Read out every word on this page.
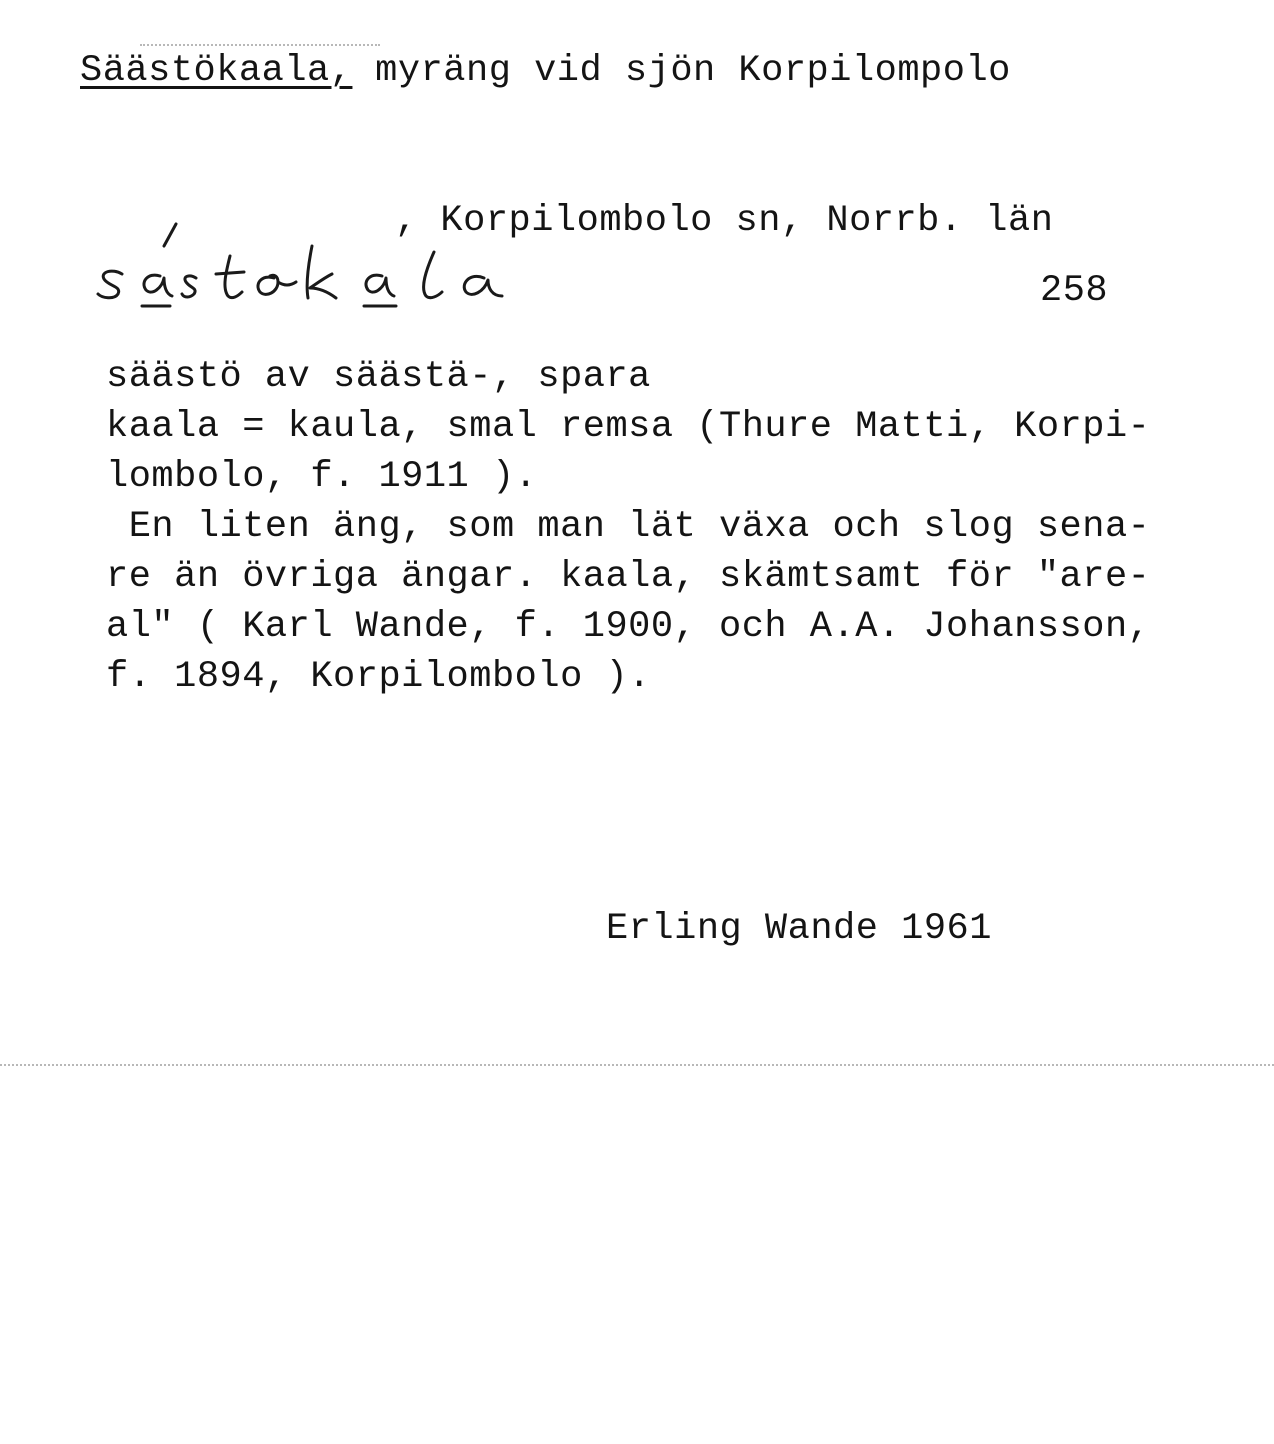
Säästökaala, myräng vid sjön Korpilompolo
, Korpilombolo sn, Norrb. län
258
säästö av säästä-, spara
kaala = kaula, smal remsa (Thure Matti, Korpi-
lombolo, f. 1911 ).
En liten äng, som man lät växa och slog sena-
re än övriga ängar. kaala, skämtsamt för "are-
al" ( Karl Wande, f. 1900, och A.A. Johansson,
f. 1894, Korpilombolo ).
Erling Wande 1961
